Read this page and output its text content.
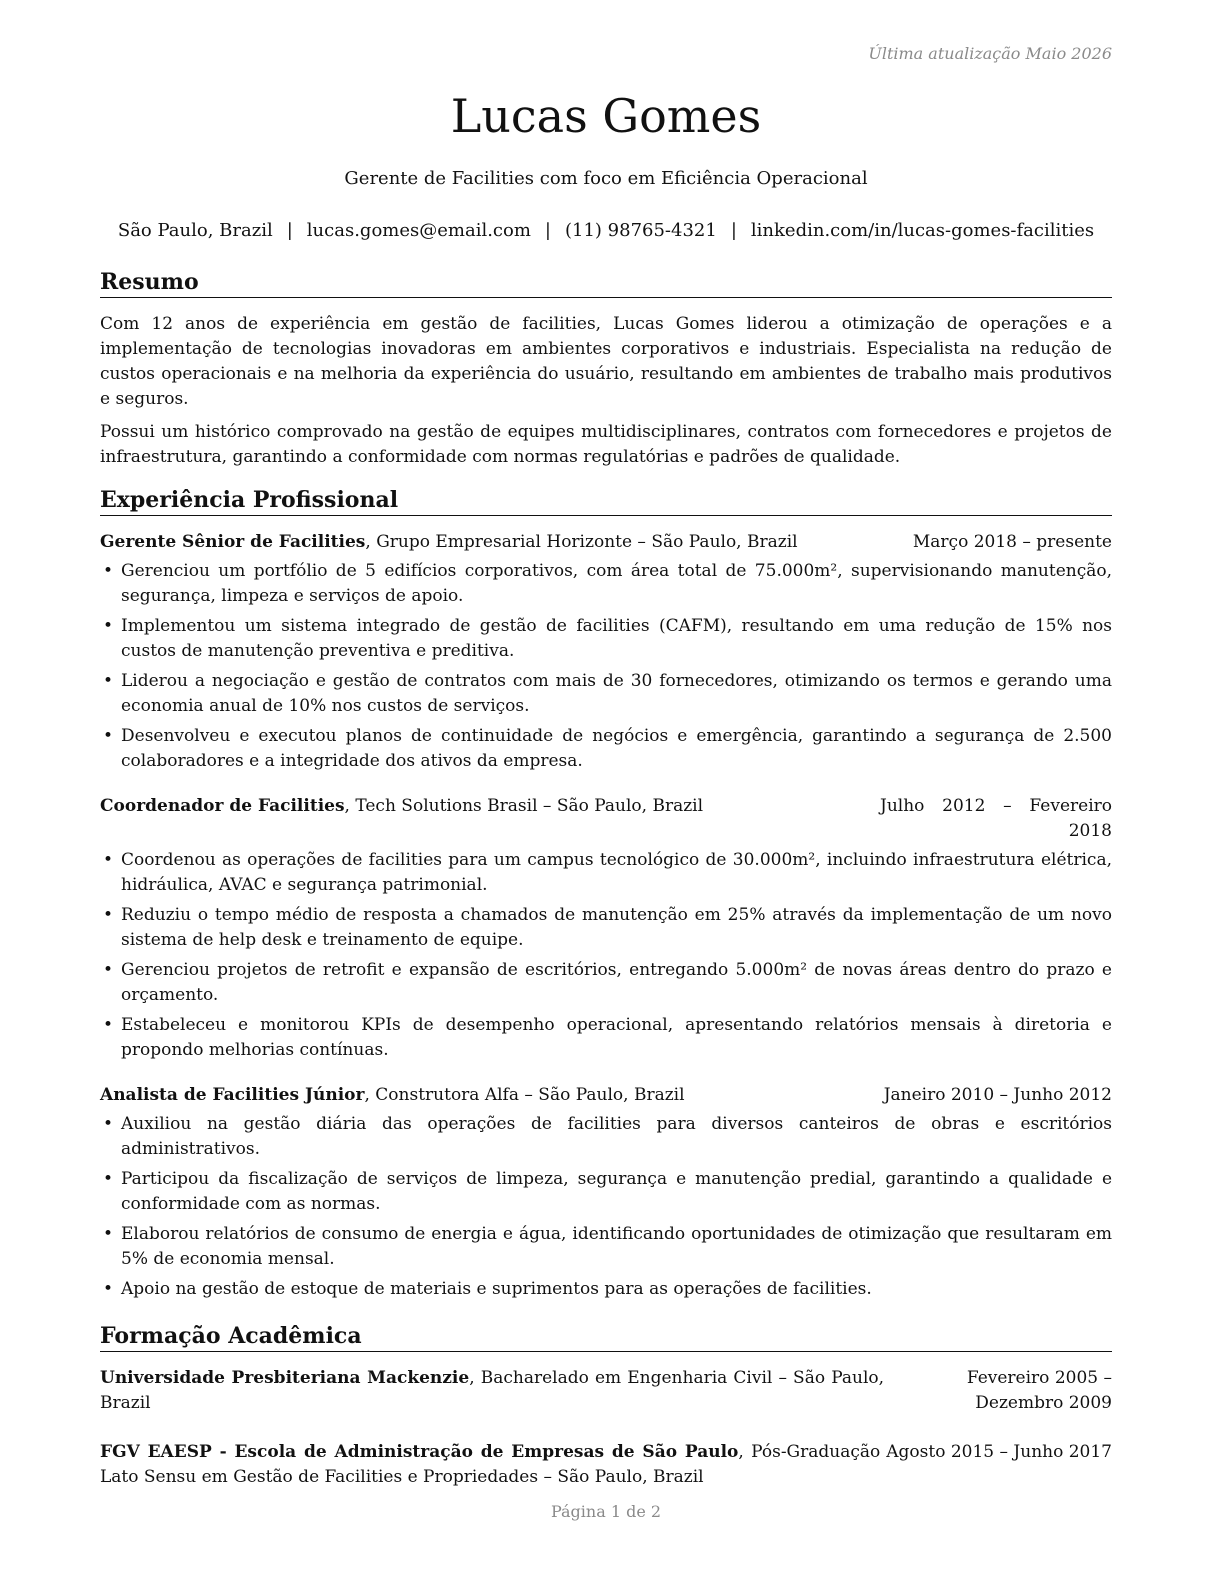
Última atualização Maio 2026
Lucas Gomes
Gerente de Facilities com foco em Eficiência Operacional
São Paulo, Brazil | lucas.gomes@email.com | (11) 98765-4321 | linkedin.com/in/lucas-gomes-facilities
Resumo

Com 12 anos de experiência em gestão de facilities, Lucas Gomes liderou a otimização de operações e a implementação de tecnologias inovadoras em ambientes corporativos e industriais. Especialista na redução de custos operacionais e na melhoria da experiência do usuário, resultando em ambientes de trabalho mais produtivos e seguros.

Possui um histórico comprovado na gestão de equipes multidisciplinares, contratos com fornecedores e projetos de infraestrutura, garantindo a conformidade com normas regulatórias e padrões de qualidade.

Experiência Profissional
Gerente Sênior de Facilities, Grupo Empresarial Horizonte – São Paulo, Brazil	Março 2018 – presente
• Gerenciou um portfólio de 5 edifícios corporativos, com área total de 75.000m², supervisionando manutenção, segurança, limpeza e serviços de apoio.
• Implementou um sistema integrado de gestão de facilities (CAFM), resultando em uma redução de 15% nos custos de manutenção preventiva e preditiva.
• Liderou a negociação e gestão de contratos com mais de 30 fornecedores, otimizando os termos e gerando uma economia anual de 10% nos custos de serviços.
• Desenvolveu e executou planos de continuidade de negócios e emergência, garantindo a segurança de 2.500 colaboradores e a integridade dos ativos da empresa.
Coordenador de Facilities, Tech Solutions Brasil – São Paulo, Brazil	Julho 2012 – Fevereiro 2018
• Coordenou as operações de facilities para um campus tecnológico de 30.000m², incluindo infraestrutura elétrica, hidráulica, AVAC e segurança patrimonial.
• Reduziu o tempo médio de resposta a chamados de manutenção em 25% através da implementação de um novo sistema de help desk e treinamento de equipe.
• Gerenciou projetos de retrofit e expansão de escritórios, entregando 5.000m² de novas áreas dentro do prazo e orçamento.
• Estabeleceu e monitorou KPIs de desempenho operacional, apresentando relatórios mensais à diretoria e propondo melhorias contínuas.
Analista de Facilities Júnior, Construtora Alfa – São Paulo, Brazil	Janeiro 2010 – Junho 2012
• Auxiliou na gestão diária das operações de facilities para diversos canteiros de obras e escritórios administrativos.
• Participou da fiscalização de serviços de limpeza, segurança e manutenção predial, garantindo a qualidade e conformidade com as normas.
• Elaborou relatórios de consumo de energia e água, identificando oportunidades de otimização que resultaram em 5% de economia mensal.
• Apoio na gestão de estoque de materiais e suprimentos para as operações de facilities.
Formação Acadêmica
Universidade Presbiteriana Mackenzie, Bacharelado em Engenharia Civil – São Paulo, Brazil
Fevereiro 2005 – Dezembro 2009
FGV EAESP - Escola de Administração de Empresas de São Paulo, Pós-Graduação Lato Sensu em Gestão de Facilities e Propriedades – São Paulo, Brazil
Agosto 2015 – Junho 2017
Página 1 de 2
